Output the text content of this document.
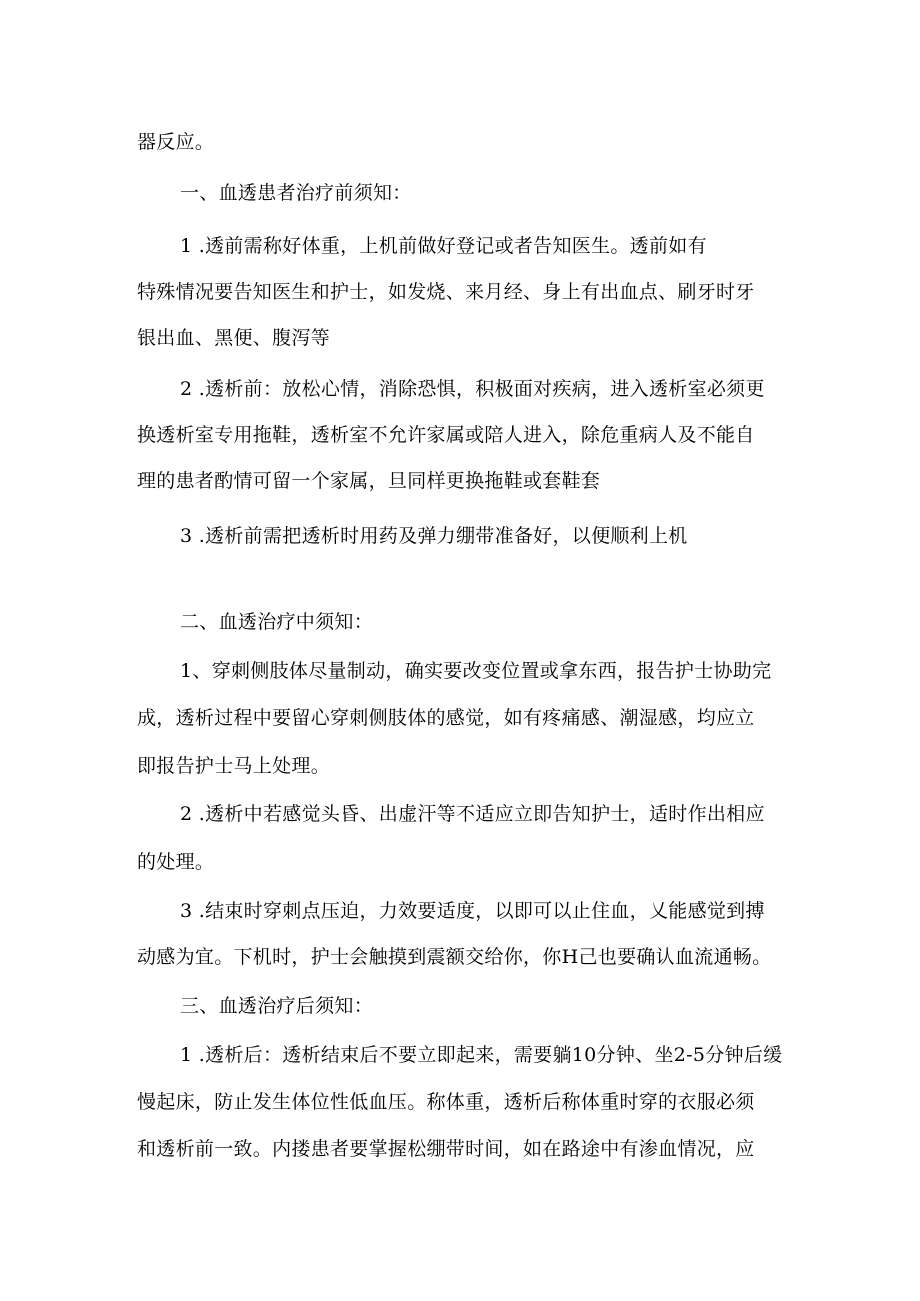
器反应。
一、血透患者治疗前须知：
1 .透前需称好体重，上机前做好登记或者告知医生。透前如有
特殊情况要告知医生和护士，如发烧、来月经、身上有出血点、刷牙时牙
银出血、黑便、腹泻等
2 .透析前：放松心情，消除恐惧，积极面对疾病，进入透析室必须更
换透析室专用拖鞋，透析室不允许家属或陪人进入，除危重病人及不能自
理的患者酌情可留一个家属，旦同样更换拖鞋或套鞋套
3 .透析前需把透析时用药及弹力绷带准备好，以便顺利上机
二、血透治疗中须知：
1、穿刺侧肢体尽量制动，确实要改变位置或拿东西，报告护士协助完
成，透析过程中要留心穿刺侧肢体的感觉，如有疼痛感、潮湿感，均应立
即报告护士马上处理。
2 .透析中若感觉头昏、出虚汗等不适应立即告知护士，适时作出相应
的处理。
3 .结束时穿刺点压迫，力效要适度，以即可以止住血，乂能感觉到搏
动感为宜。下机时，护士会触摸到震额交给你，你H己也要确认血流通畅。
三、血透治疗后须知：
1 .透析后：透析结束后不要立即起来，需要躺10分钟、坐2-5分钟后缓
慢起床，防止发生体位性低血压。称体重，透析后称体重时穿的衣服必须
和透析前一致。内搂患者要掌握松绷带时间，如在路途中有渗血情况，应
